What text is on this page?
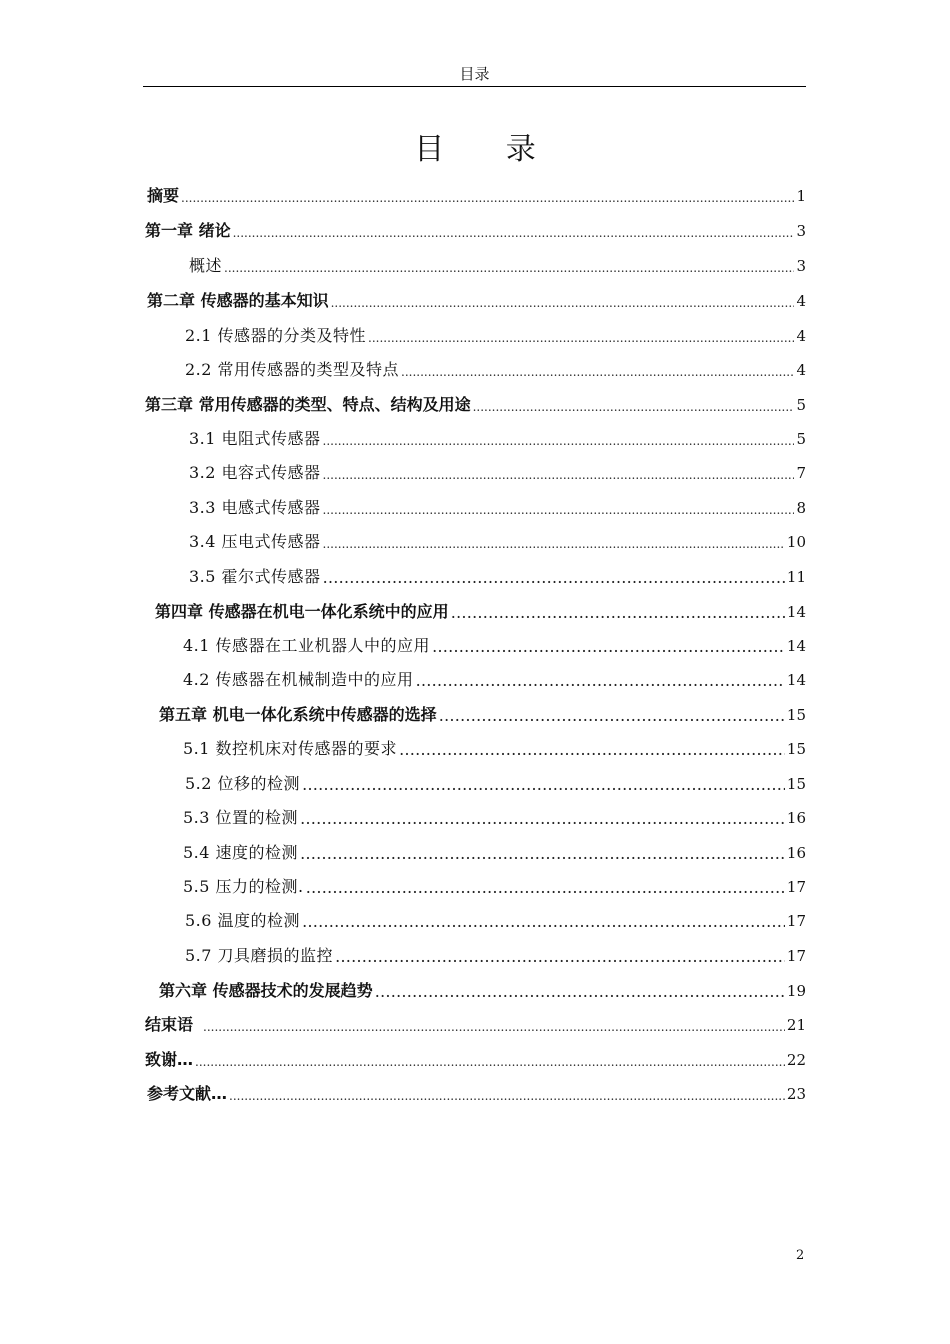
目录
目 录
摘要 .....	1
第一章 绪论 .....	3
概述 .....	3
第二章 传感器的基本知识 .....	4
2.1 传感器的分类及特性 .....	4
2.2 常用传感器的类型及特点 .....	4
第三章 常用传感器的类型、特点、结构及用途 .....	5
3.1 电阻式传感器 .....	5
3.2 电容式传感器 .....	7
3.3 电感式传感器 .....	8
3.4 压电式传感器 .....	10
3.5 霍尔式传感器 …………………………………………………………………………………………………………………………………………………………	11
第四章 传感器在机电一体化系统中的应用 …………………………………………………………………………………………………………………………………………………………	14
4.1 传感器在工业机器人中的应用 …………………………………………………………………………………………………………………………………………………………	14
4.2 传感器在机械制造中的应用 …………………………………………………………………………………………………………………………………………………………	14
第五章 机电一体化系统中传感器的选择 …………………………………………………………………………………………………………………………………………………………	15
5.1 数控机床对传感器的要求 …………………………………………………………………………………………………………………………………………………………	15
5.2 位移的检测 …………………………………………………………………………………………………………………………………………………………	15
5.3 位置的检测 …………………………………………………………………………………………………………………………………………………………	16
5.4 速度的检测 …………………………………………………………………………………………………………………………………………………………	16
5.5 压力的检测. …………………………………………………………………………………………………………………………………………………………	17
5.6 温度的检测 …………………………………………………………………………………………………………………………………………………………	17
5.7 刀具磨损的监控 …………………………………………………………………………………………………………………………………………………………	17
第六章 传感器技术的发展趋势 …………………………………………………………………………………………………………………………………………………………	19
结束语 .....	21
致谢… .....	22
参考文献… .....	23
2
